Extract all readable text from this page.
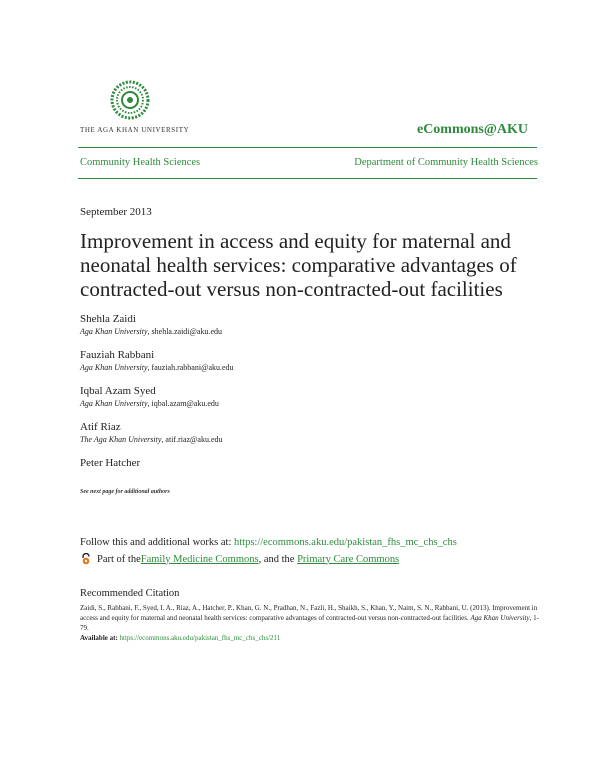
THE AGA KHAN UNIVERSITY	eCommons@AKU
Community Health Sciences	Department of Community Health Sciences
September 2013
Improvement in access and equity for maternal and neonatal health services: comparative advantages of contracted-out versus non-contracted-out facilities
Shehla Zaidi
Aga Khan University, shehla.zaidi@aku.edu
Fauziah Rabbani
Aga Khan University, fauziah.rabbani@aku.edu
Iqbal Azam Syed
Aga Khan University, iqbal.azam@aku.edu
Atif Riaz
The Aga Khan University, atif.riaz@aku.edu
Peter Hatcher
See next page for additional authors
Follow this and additional works at: https://ecommons.aku.edu/pakistan_fhs_mc_chs_chs
Part of the Family Medicine Commons , and the Primary Care Commons
Recommended Citation
Zaidi, S., Rabbani, F., Syed, I. A., Riaz, A., Hatcher, P., Khan, G. N., Pradhan, N., Fazli, H., Shaikh, S., Khan, Y., Naim, S. N., Rabbani, U. (2013). Improvement in access and equity for maternal and neonatal health services: comparative advantages of contracted-out versus non-contracted-out facilities. Aga Khan University, 1-79.
Available at: https://ecommons.aku.edu/pakistan_fhs_mc_chs_chs/211
